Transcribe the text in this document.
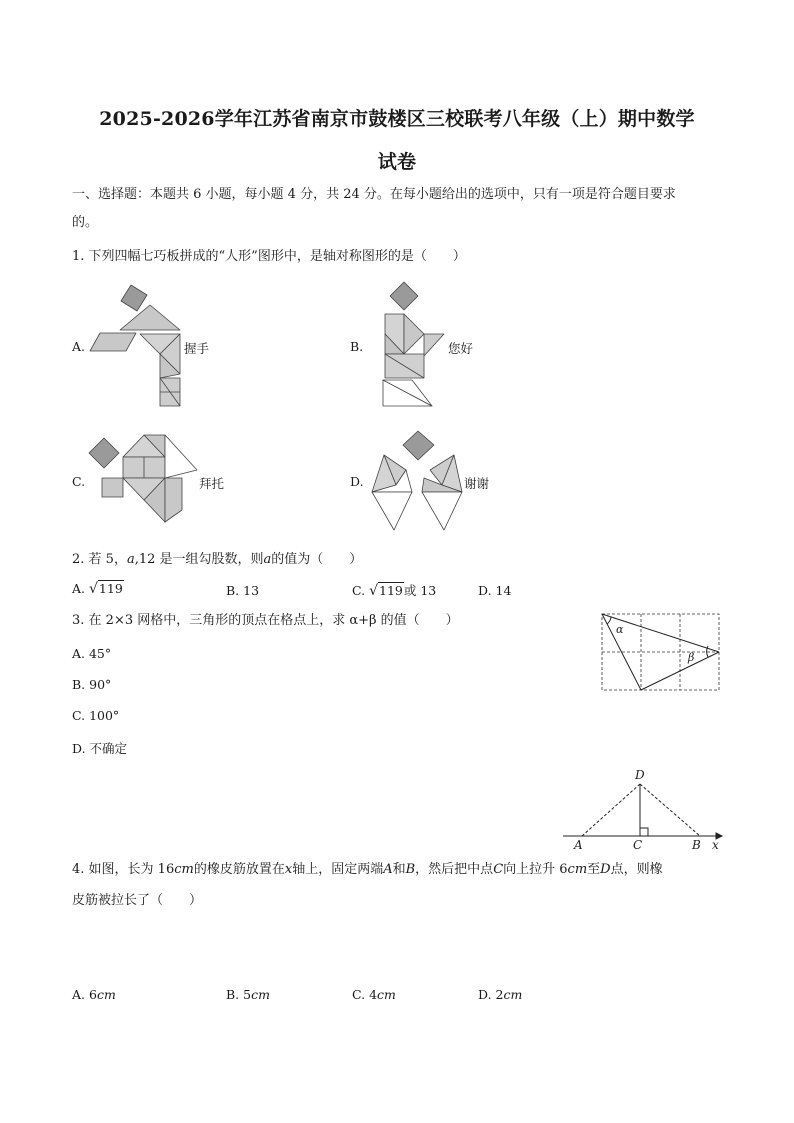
2025-2026学年江苏省南京市鼓楼区三校联考八年级（上）期中数学
试卷
一、选择题：本题共 6 小题，每小题 4 分，共 24 分。在每小题给出的选项中，只有一项是符合题目要求
的。
1. 下列四幅七巧板拼成的“人形”图形中，是轴对称图形的是（　　）
A.	握手	B.	您好
C.	拜托	D.	谢谢
2. 若 5，a,12 是一组勾股数，则a的值为（　　）
A. √119	B. 13	C. √119或 13	D. 14
3. 在 2×3 网格中，三角形的顶点在格点上，求 α+β 的值（　　）
A. 45°
B. 90°
C. 100°
D. 不确定
α
β
D
A	C	B x
4. 如图，长为 16cm的橡皮筋放置在x轴上，固定两端A和B，然后把中点C向上拉升 6cm至D点，则橡
皮筋被拉长了（　　）
A. 6cm	B. 5cm	C. 4cm	D. 2cm
